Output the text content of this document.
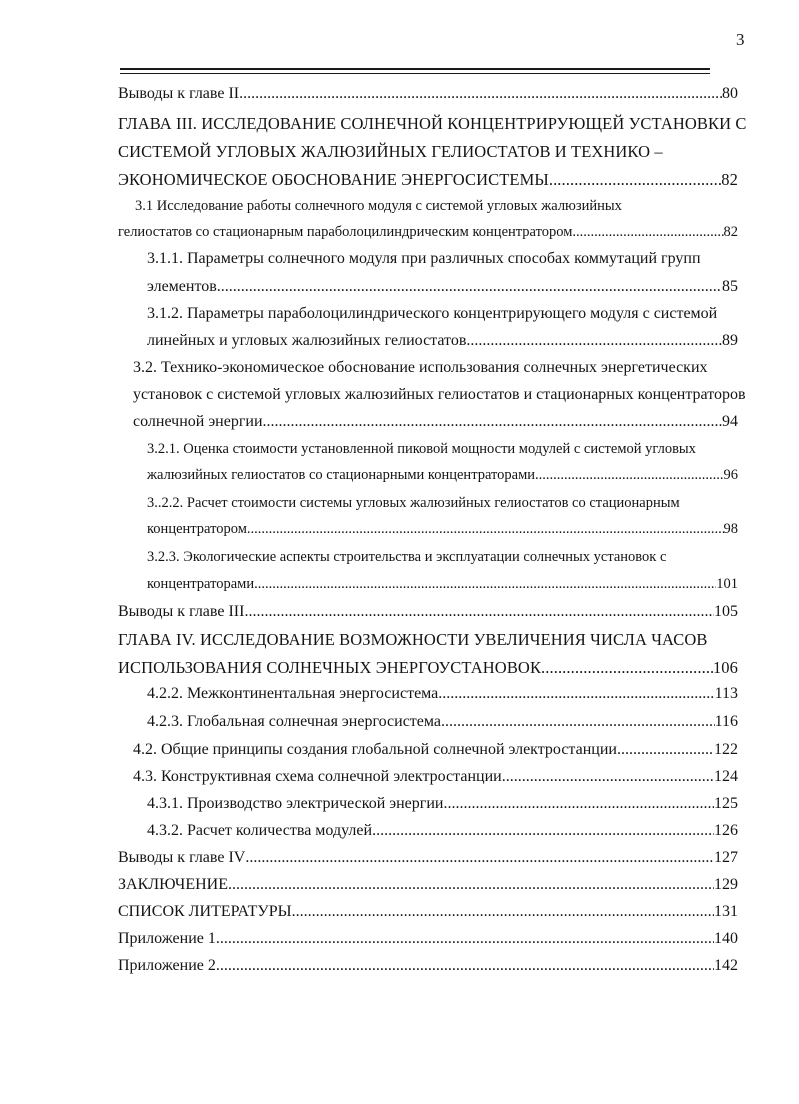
3
Выводы к главе II .....	80
ГЛАВА III. ИССЛЕДОВАНИЕ СОЛНЕЧНОЙ КОНЦЕНТРИРУЮЩЕЙ УСТАНОВКИ С
СИСТЕМОЙ УГЛОВЫХ ЖАЛЮЗИЙНЫХ ГЕЛИОСТАТОВ И ТЕХНИКО –
ЭКОНОМИЧЕСКОЕ ОБОСНОВАНИЕ ЭНЕРГОСИСТЕМЫ .....	82
3.1 Исследование работы солнечного модуля с системой угловых жалюзийных
гелиостатов со стационарным параболоцилиндрическим концентратором .....	82
3.1.1. Параметры солнечного модуля при различных способах коммутаций групп
элементов .....	85
3.1.2. Параметры параболоцилиндрического концентрирующего модуля с системой
линейных и угловых жалюзийных гелиостатов .....	89
3.2. Технико-экономическое обоснование использования солнечных энергетических
установок с системой угловых жалюзийных гелиостатов и стационарных концентраторов
солнечной энергии. .....	94
3.2.1. Оценка стоимости установленной пиковой мощности модулей с системой угловых
жалюзийных гелиостатов со стационарными концентраторами .....	96
3..2.2. Расчет стоимости системы угловых жалюзийных гелиостатов со стационарным
концентратором .....	98
3.2.3. Экологические аспекты строительства и эксплуатации солнечных установок с
концентраторами. .....	101
Выводы к главе III. .....	105
ГЛАВА IV. ИССЛЕДОВАНИЕ ВОЗМОЖНОСТИ УВЕЛИЧЕНИЯ ЧИСЛА ЧАСОВ
ИСПОЛЬЗОВАНИЯ СОЛНЕЧНЫХ ЭНЕРГОУСТАНОВОК .....	106
4.2.2. Межконтинентальная энергосистема .....	113
4.2.3. Глобальная солнечная энергосистема .....	116
4.2. Общие принципы создания глобальной солнечной электростанции .....	122
4.3. Конструктивная схема солнечной электростанции .....	124
4.3.1. Производство электрической энергии .....	125
4.3.2. Расчет количества модулей .....	126
Выводы к главе IV .....	127
ЗАКЛЮЧЕНИЕ .....	129
СПИСОК ЛИТЕРАТУРЫ .....	131
Приложение 1 .....	140
Приложение 2 .....	142
